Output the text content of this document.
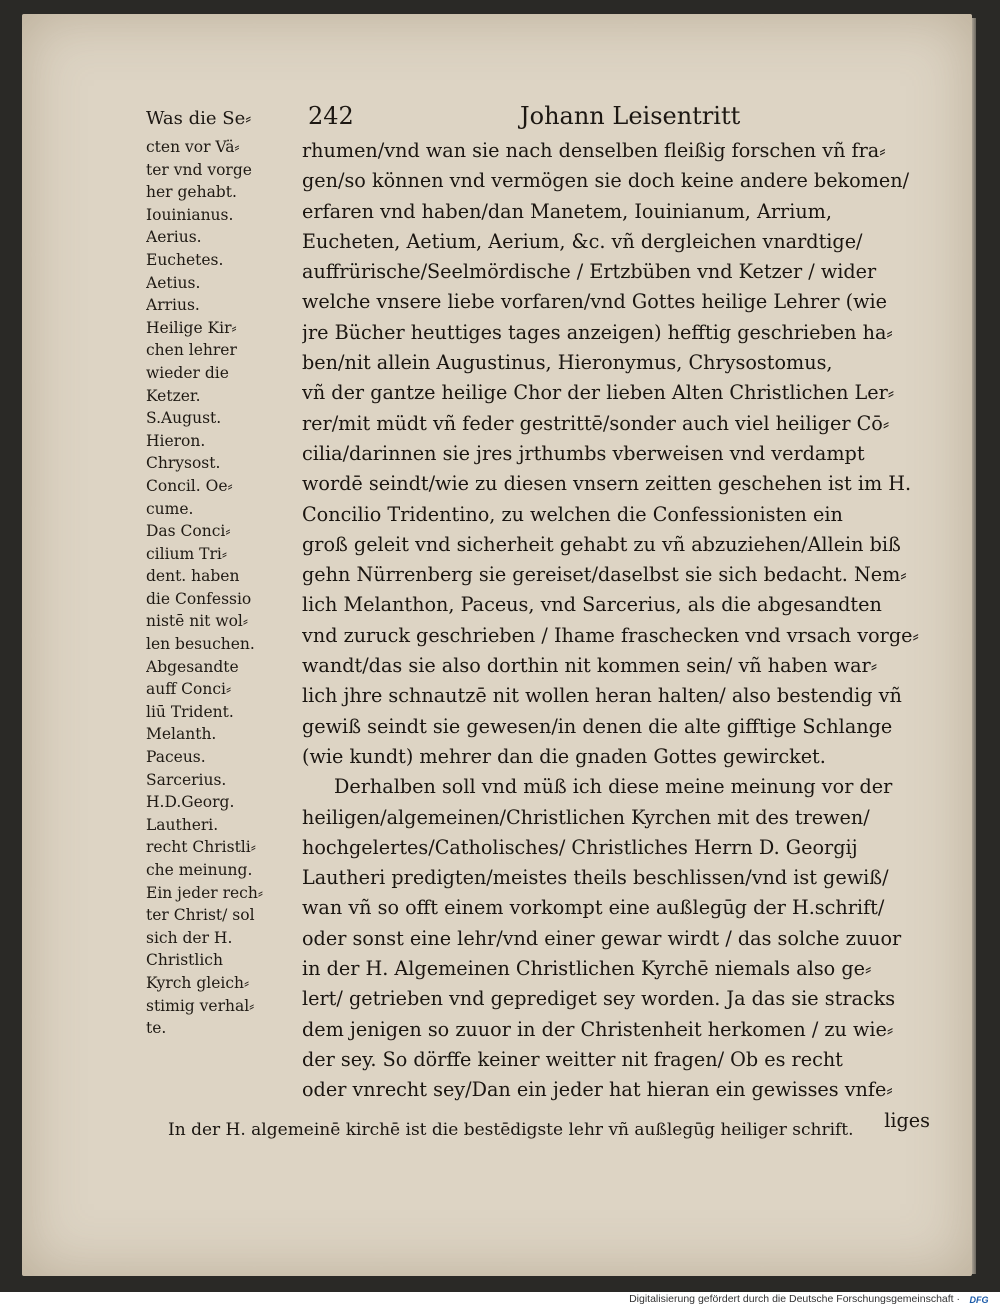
Was die Se⸗ 242	Johann Leisentritt
cten vor Vä⸗
ter vnd vorge
her gehabt.
Iouinianus.
Aerius.
Euchetes.
Aetius.
Arrius.
Heilige Kir⸗
chen lehrer
wieder die
Ketzer.
S.August.
Hieron.
Chrysost.
Concil. Oe⸗
cume.
Das Conci⸗
cilium Tri⸗
dent. haben
die Confessio
nistē nit wol⸗
len besuchen.
Abgesandte
auff Conci⸗
liū Trident.
Melanth.
Paceus.
Sarcerius.
H.D.Georg.
Lautheri.
recht Christli⸗
che meinung.
Ein jeder rech⸗
ter Christ/ sol
sich der H.
Christlich
Kyrch gleich⸗
stimig verhal⸗
te.
rhumen/vnd wan sie nach denselben fleißig forschen vñ fra⸗
gen/so können vnd vermögen sie doch keine andere bekomen/
erfaren vnd haben/dan Manetem, Iouinianum, Arrium,
Eucheten, Aetium, Aerium, &c. vñ dergleichen vnardtige/
auffrürische/Seelmördische / Ertzbüben vnd Ketzer / wider
welche vnsere liebe vorfaren/vnd Gottes heilige Lehrer (wie
jre Bücher heuttiges tages anzeigen) hefftig geschrieben ha⸗
ben/nit allein Augustinus, Hieronymus, Chrysostomus,
vñ der gantze heilige Chor der lieben Alten Christlichen Ler⸗
rer/mit müdt vñ feder gestrittē/sonder auch viel heiliger Cō⸗
cilia/darinnen sie jres jrthumbs vberweisen vnd verdampt
wordē seindt/wie zu diesen vnsern zeitten geschehen ist im H.
Concilio Tridentino, zu welchen die Confessionisten ein
groß geleit vnd sicherheit gehabt zu vñ abzuziehen/Allein biß
gehn Nürrenberg sie gereiset/daselbst sie sich bedacht. Nem⸗
lich Melanthon, Paceus, vnd Sarcerius, als die abgesandten
vnd zuruck geschrieben / Ihame fraschecken vnd vrsach vorge⸗
wandt/das sie also dorthin nit kommen sein/ vñ haben war⸗
lich jhre schnautzē nit wollen heran halten/ also bestendig vñ
gewiß seindt sie gewesen/in denen die alte gifftige Schlange
(wie kundt) mehrer dan die gnaden Gottes gewircket.
Derhalben soll vnd müß ich diese meine meinung vor der
heiligen/algemeinen/Christlichen Kyrchen mit des trewen/
hochgelertes/Catholisches/ Christliches Herrn D. Georgij
Lautheri predigten/meistes theils beschlissen/vnd ist gewiß/
wan vñ so offt einem vorkompt eine außlegūg der H.schrift/
oder sonst eine lehr/vnd einer gewar wirdt / das solche zuuor
in der H. Algemeinen Christlichen Kyrchē niemals also ge⸗
lert/ getrieben vnd geprediget sey worden. Ja das sie stracks
dem jenigen so zuuor in der Christenheit herkomen / zu wie⸗
der sey. So dörffe keiner weitter nit fragen/ Ob es recht
oder vnrecht sey/Dan ein jeder hat hieran ein gewisses vnfe⸗
liges
In der H. algemeinē kirchē ist die bestēdigste lehr vñ außlegūg heiliger schrift.
Digitalisierung gefördert durch die Deutsche Forschungsgemeinschaft · DFG
